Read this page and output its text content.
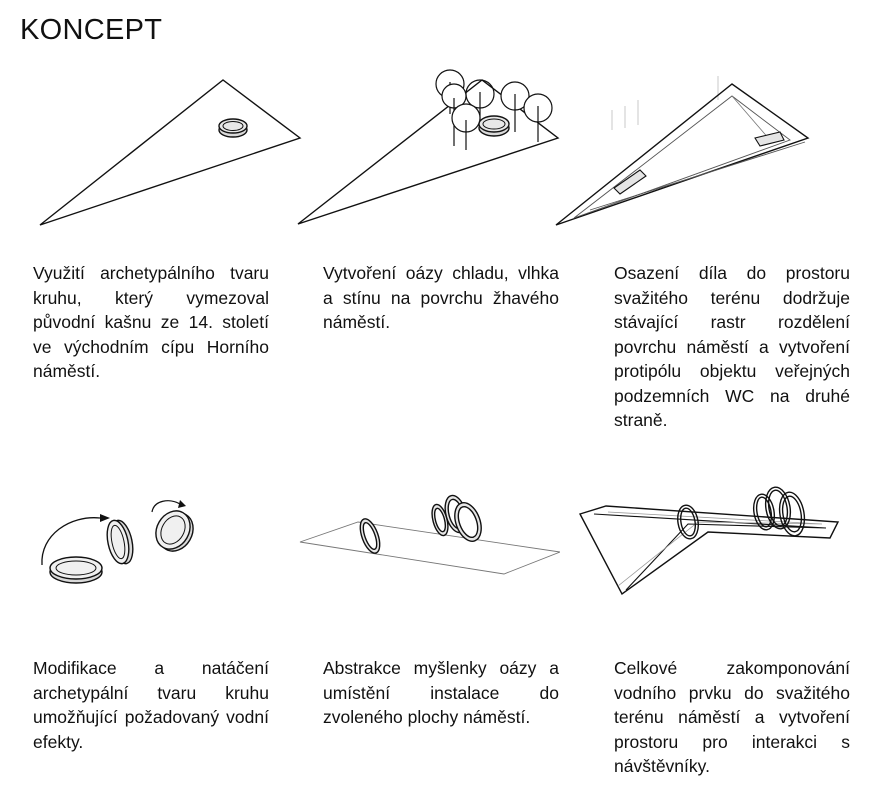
KONCEPT
Využití archetypálního tvaru kruhu, který vymezoval původní kašnu ze 14. století ve východním cípu Horního náměstí.
Vytvoření oázy chladu, vlhka a stínu na povrchu žhavého náměstí.
Osazení díla do prostoru svažitého terénu dodržuje stávající rastr rozdělení povrchu náměstí a vytvoření protipólu objektu veřejných podzemních WC na druhé straně.
Modifikace a natáčení archetypální tvaru kruhu umožňující požadovaný vodní efekty.
Abstrakce myšlenky oázy a umístění instalace do zvoleného plochy náměstí.
Celkové zakomponování vodního prvku do svažitého terénu náměstí a vytvoření prostoru pro interakci s návštěvníky.
